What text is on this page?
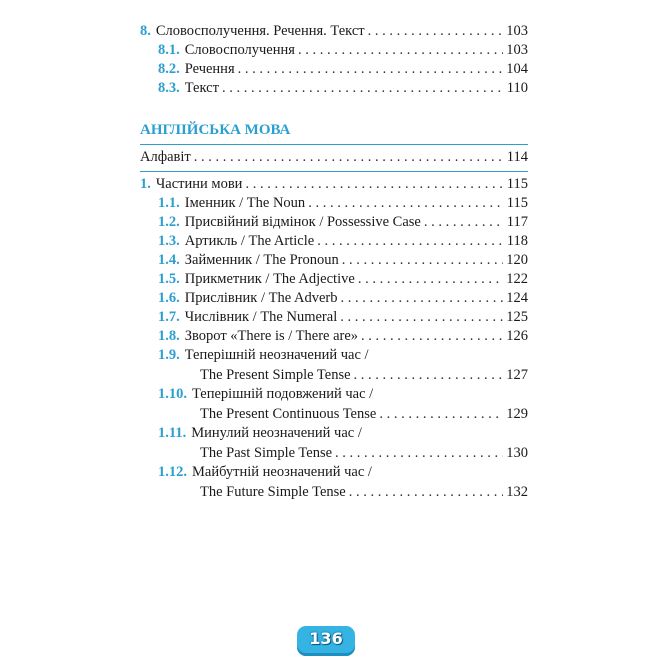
8. Словосполучення. Речення. Текст . . .	103
8.1. Словосполучення . . .	103
8.2. Речення . . .	104
8.3. Текст . . .	110
АНГЛІЙСЬКА МОВА
Алфавіт . . .	114
1. Частини мови . . .	115
1.1. Іменник / The Noun . . .	115
1.2. Присвійний відмінок / Possessive Case . . .	117
1.3. Артикль / The Article . . .	118
1.4. Займенник / The Pronoun . . .	120
1.5. Прикметник / The Adjective . . .	122
1.6. Прислівник / The Adverb . . .	124
1.7. Числівник / The Numeral . . .	125
1.8. Зворот «There is / There are» . . .	126
1.9. Теперішній неозначений час /
The Present Simple Tense . . .	127
1.10. Теперішній подовжений час /
The Present Continuous Tense . . .	129
1.11. Минулий неозначений час /
The Past Simple Tense . . .	130
1.12. Майбутній неозначений час /
The Future Simple Tense . . .	132
136
